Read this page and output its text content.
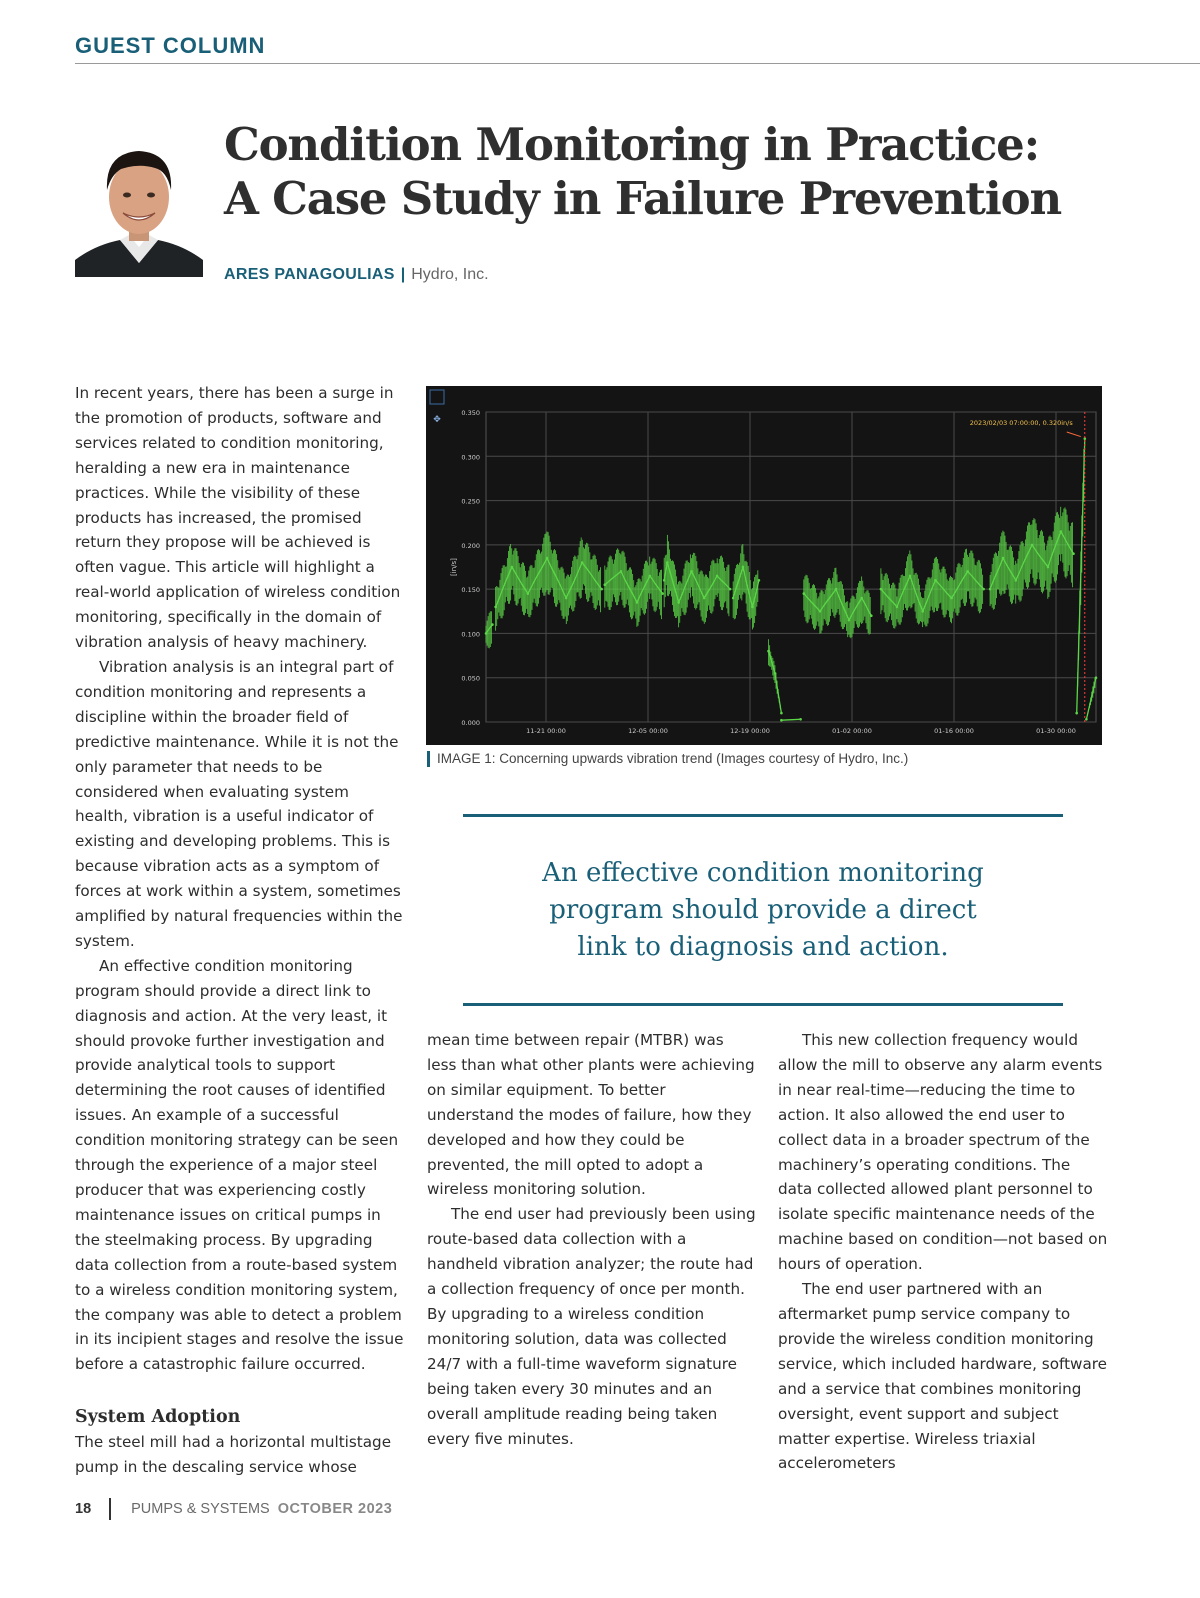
GUEST COLUMN
Condition Monitoring in Practice:
A Case Study in Failure Prevention
ARES PANAGOULIAS | Hydro, Inc.

In recent years, there has been a surge in the promotion of products, software and services related to condition monitoring, heralding a new era in maintenance practices. While the visibility of these products has increased, the promised return they propose will be achieved is often vague. This article will highlight a real-world application of wireless condition monitoring, specifically in the domain of vibration analysis of heavy machinery.

Vibration analysis is an integral part of condition monitoring and represents a discipline within the broader field of predictive maintenance. While it is not the only parameter that needs to be considered when evaluating system health, vibration is a useful indicator of existing and developing problems. This is because vibration acts as a symptom of forces at work within a system, sometimes amplified by natural frequencies within the system.

An effective condition monitoring program should provide a direct link to diagnosis and action. At the very least, it should provoke further investigation and provide analytical tools to support determining the root causes of identified issues. An example of a successful condition monitoring strategy can be seen through the experience of a major steel producer that was experiencing costly maintenance issues on critical pumps in the steelmaking process. By upgrading data collection from a route-based system to a wireless condition monitoring system, the company was able to detect a problem in its incipient stages and resolve the issue before a catastrophic failure occurred.

System Adoption

The steel mill had a horizontal multistage pump in the descaling service whose

✥
0.000
0.050
0.100
0.150
0.200
0.250
0.300
0.350
11-21 00:00	12-05 00:00	12-19 00:00	01-02 00:00	01-16 00:00	01-30 00:00
[in/s]
2023/02/03 07:00:00, 0.320in/s
IMAGE 1: Concerning upwards vibration trend (Images courtesy of Hydro, Inc.)

An effective condition monitoring
program should provide a direct
link to diagnosis and action.

mean time between repair (MTBR) was less than what other plants were achieving on similar equipment. To better understand the modes of failure, how they developed and how they could be prevented, the mill opted to adopt a wireless monitoring solution.

The end user had previously been using route-based data collection with a handheld vibration analyzer; the route had a collection frequency of once per month. By upgrading to a wireless condition monitoring solution, data was collected 24/7 with a full-time waveform signature being taken every 30 minutes and an overall amplitude reading being taken every five minutes.

This new collection frequency would allow the mill to observe any alarm events in near real-time—reducing the time to action. It also allowed the end user to collect data in a broader spectrum of the machinery’s operating conditions. The data collected allowed plant personnel to isolate specific maintenance needs of the machine based on condition—not based on hours of operation.

The end user partnered with an aftermarket pump service company to provide the wireless condition monitoring service, which included hardware, software and a service that combines monitoring oversight, event support and subject matter expertise. Wireless triaxial accelerometers

18	PUMPS & SYSTEMS OCTOBER 2023
